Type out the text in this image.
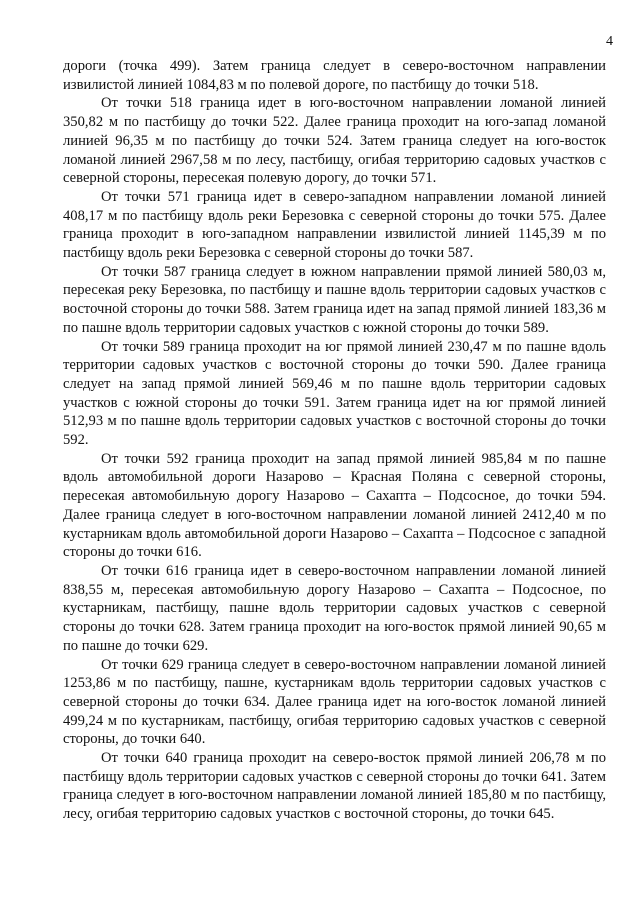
4

дороги (точка 499). Затем граница следует в северо-восточном направлении извилистой линией 1084,83 м по полевой дороге, по пастбищу до точки 518.

От точки 518 граница идет в юго-восточном направлении ломаной линией 350,82 м по пастбищу до точки 522. Далее граница проходит на юго-запад ломаной линией 96,35 м по пастбищу до точки 524. Затем граница следует на юго-восток ломаной линией 2967,58 м по лесу, пастбищу, огибая территорию садовых участков с северной стороны, пересекая полевую дорогу, до точки 571.

От точки 571 граница идет в северо-западном направлении ломаной линией 408,17 м по пастбищу вдоль реки Березовка с северной стороны до точки 575. Далее граница проходит в юго-западном направлении извилистой линией 1145,39 м по пастбищу вдоль реки Березовка с северной стороны до точки 587.

От точки 587 граница следует в южном направлении прямой линией 580,03 м, пересекая реку Березовка, по пастбищу и пашне вдоль территории садовых участков с восточной стороны до точки 588. Затем граница идет на запад прямой линией 183,36 м по пашне вдоль территории садовых участков с южной стороны до точки 589.

От точки 589 граница проходит на юг прямой линией 230,47 м по пашне вдоль территории садовых участков с восточной стороны до точки 590. Далее граница следует на запад прямой линией 569,46 м по пашне вдоль территории садовых участков с южной стороны до точки 591. Затем граница идет на юг прямой линией 512,93 м по пашне вдоль территории садовых участков с восточной стороны до точки 592.

От точки 592 граница проходит на запад прямой линией 985,84 м по пашне вдоль автомобильной дороги Назарово – Красная Поляна с северной стороны, пересекая автомобильную дорогу Назарово – Сахапта – Подсосное, до точки 594. Далее граница следует в юго-восточном направлении ломаной линией 2412,40 м по кустарникам вдоль автомобильной дороги Назарово – Сахапта – Подсосное с западной стороны до точки 616.

От точки 616 граница идет в северо-восточном направлении ломаной линией 838,55 м, пересекая автомобильную дорогу Назарово – Сахапта – Подсосное, по кустарникам, пастбищу, пашне вдоль территории садовых участков с северной стороны до точки 628. Затем граница проходит на юго-восток прямой линией 90,65 м по пашне до точки 629.

От точки 629 граница следует в северо-восточном направлении ломаной линией 1253,86 м по пастбищу, пашне, кустарникам вдоль территории садовых участков с северной стороны до точки 634. Далее граница идет на юго-восток ломаной линией 499,24 м по кустарникам, пастбищу, огибая территорию садовых участков с северной стороны, до точки 640.

От точки 640 граница проходит на северо-восток прямой линией 206,78 м по пастбищу вдоль территории садовых участков с северной стороны до точки 641. Затем граница следует в юго-восточном направлении ломаной линией 185,80 м по пастбищу, лесу, огибая территорию садовых участков с восточной стороны, до точки 645.
